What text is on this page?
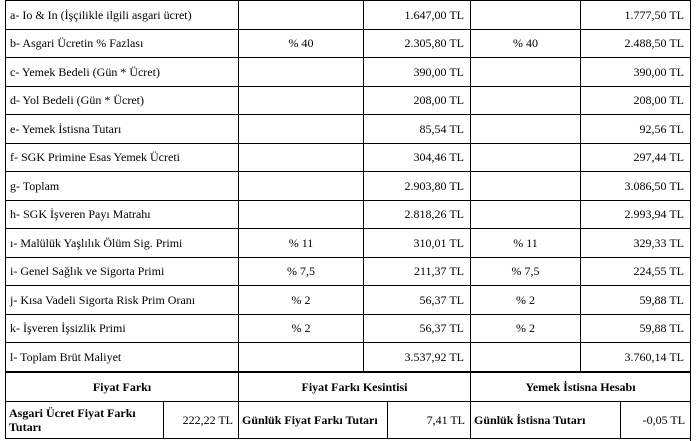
a- Io & In (İşçilikle ilgili asgari ücret)		1.647,00 TL		1.777,50 TL
b- Asgari Ücretin % Fazlası	% 40	2.305,80 TL	% 40	2.488,50 TL
c- Yemek Bedeli (Gün * Ücret)		390,00 TL		390,00 TL
d- Yol Bedeli (Gün * Ücret)		208,00 TL		208,00 TL
e- Yemek İstisna Tutarı		85,54 TL		92,56 TL
f- SGK Primine Esas Yemek Ücreti		304,46 TL		297,44 TL
g- Toplam		2.903,80 TL		3.086,50 TL
h- SGK İşveren Payı Matrahı		2.818,26 TL		2.993,94 TL
ı- Malülük Yaşlılık Ölüm Sig. Primi	% 11	310,01 TL	% 11	329,33 TL
i- Genel Sağlık ve Sigorta Primi	% 7,5	211,37 TL	% 7,5	224,55 TL
j- Kısa Vadeli Sigorta Risk Prim Oranı	% 2	56,37 TL	% 2	59,88 TL
k- İşveren İşsizlik Primi	% 2	56,37 TL	% 2	59,88 TL
l- Toplam Brüt Maliyet		3.537,92 TL		3.760,14 TL
Fiyat Farkı		Fiyat Farkı Kesintisi		Yemek İstisna Hesabı	
Asgari Ücret Fiyat Farkı Tutarı	222,22 TL	Günlük Fiyat Farkı Tutarı	7,41 TL	Günlük İstisna Tutarı	-0,05 TL
